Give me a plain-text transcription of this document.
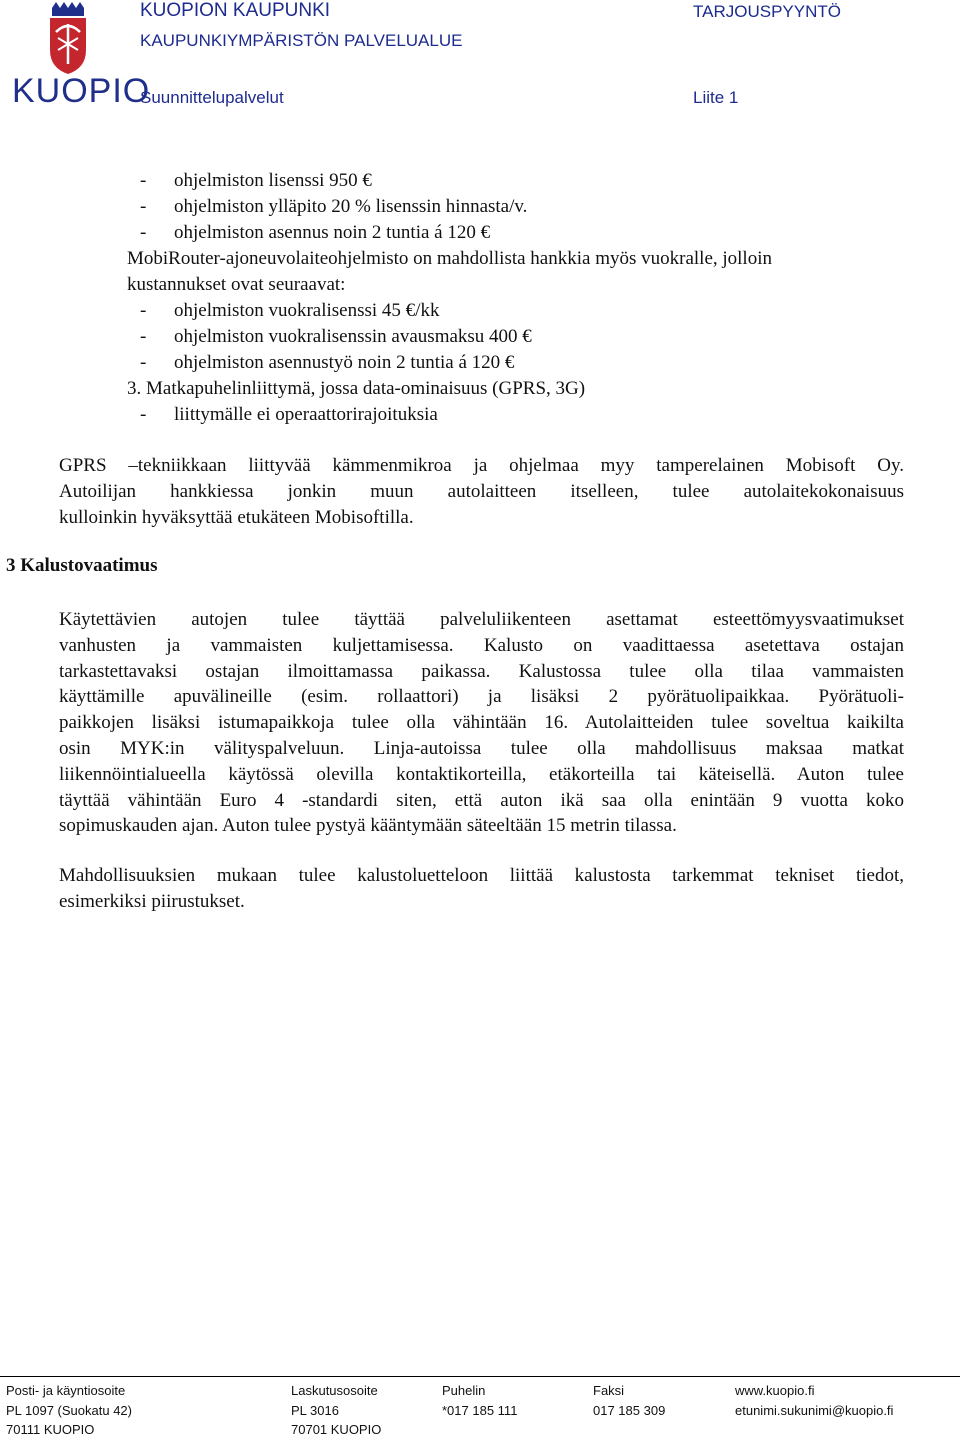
KUOPIO
KUOPION KAUPUNKI
KAUPUNKIYMPÄRISTÖN PALVELUALUE
Suunnittelupalvelut
TARJOUSPYYNTÖ
Liite 1
- ohjelmiston lisenssi 950 €
- ohjelmiston ylläpito 20 % lisenssin hinnasta/v.
- ohjelmiston asennus noin 2 tuntia á 120 €
MobiRouter-ajoneuvolaiteohjelmisto on mahdollista hankkia myös vuokralle, jolloin
kustannukset ovat seuraavat:
- ohjelmiston vuokralisenssi 45 €/kk
- ohjelmiston vuokralisenssin avausmaksu 400 €
- ohjelmiston asennustyö noin 2 tuntia á 120 €
3. Matkapuhelinliittymä, jossa data-ominaisuus (GPRS, 3G)
- liittymälle ei operaattorirajoituksia
GPRS –tekniikkaan liittyvää kämmenmikroa ja ohjelmaa myy tamperelainen Mobisoft Oy.
Autoilijan hankkiessa jonkin muun autolaitteen itselleen, tulee autolaitekokonaisuus
kulloinkin hyväksyttää etukäteen Mobisoftilla.
3 Kalustovaatimus
Käytettävien autojen tulee täyttää palveluliikenteen asettamat esteettömyysvaatimukset
vanhusten ja vammaisten kuljettamisessa. Kalusto on vaadittaessa asetettava ostajan
tarkastettavaksi ostajan ilmoittamassa paikassa. Kalustossa tulee olla tilaa vammaisten
käyttämille apuvälineille (esim. rollaattori) ja lisäksi 2 pyörätuolipaikkaa. Pyörätuoli-
paikkojen lisäksi istumapaikkoja tulee olla vähintään 16. Autolaitteiden tulee soveltua kaikilta
osin MYK:in välityspalveluun. Linja-autoissa tulee olla mahdollisuus maksaa matkat
liikennöintialueella käytössä olevilla kontaktikorteilla, etäkorteilla tai käteisellä. Auton tulee
täyttää vähintään Euro 4 -standardi siten, että auton ikä saa olla enintään 9 vuotta koko
sopimuskauden ajan. Auton tulee pystyä kääntymään säteeltään 15 metrin tilassa.
Mahdollisuuksien mukaan tulee kalustoluetteloon liittää kalustosta tarkemmat tekniset tiedot,
esimerkiksi piirustukset.
Posti- ja käyntiosoite
PL 1097 (Suokatu 42)
70111 KUOPIO
Laskutusosoite
PL 3016
70701 KUOPIO
Puhelin
*017 185 111
Faksi
017 185 309
www.kuopio.fi
etunimi.sukunimi@kuopio.fi
